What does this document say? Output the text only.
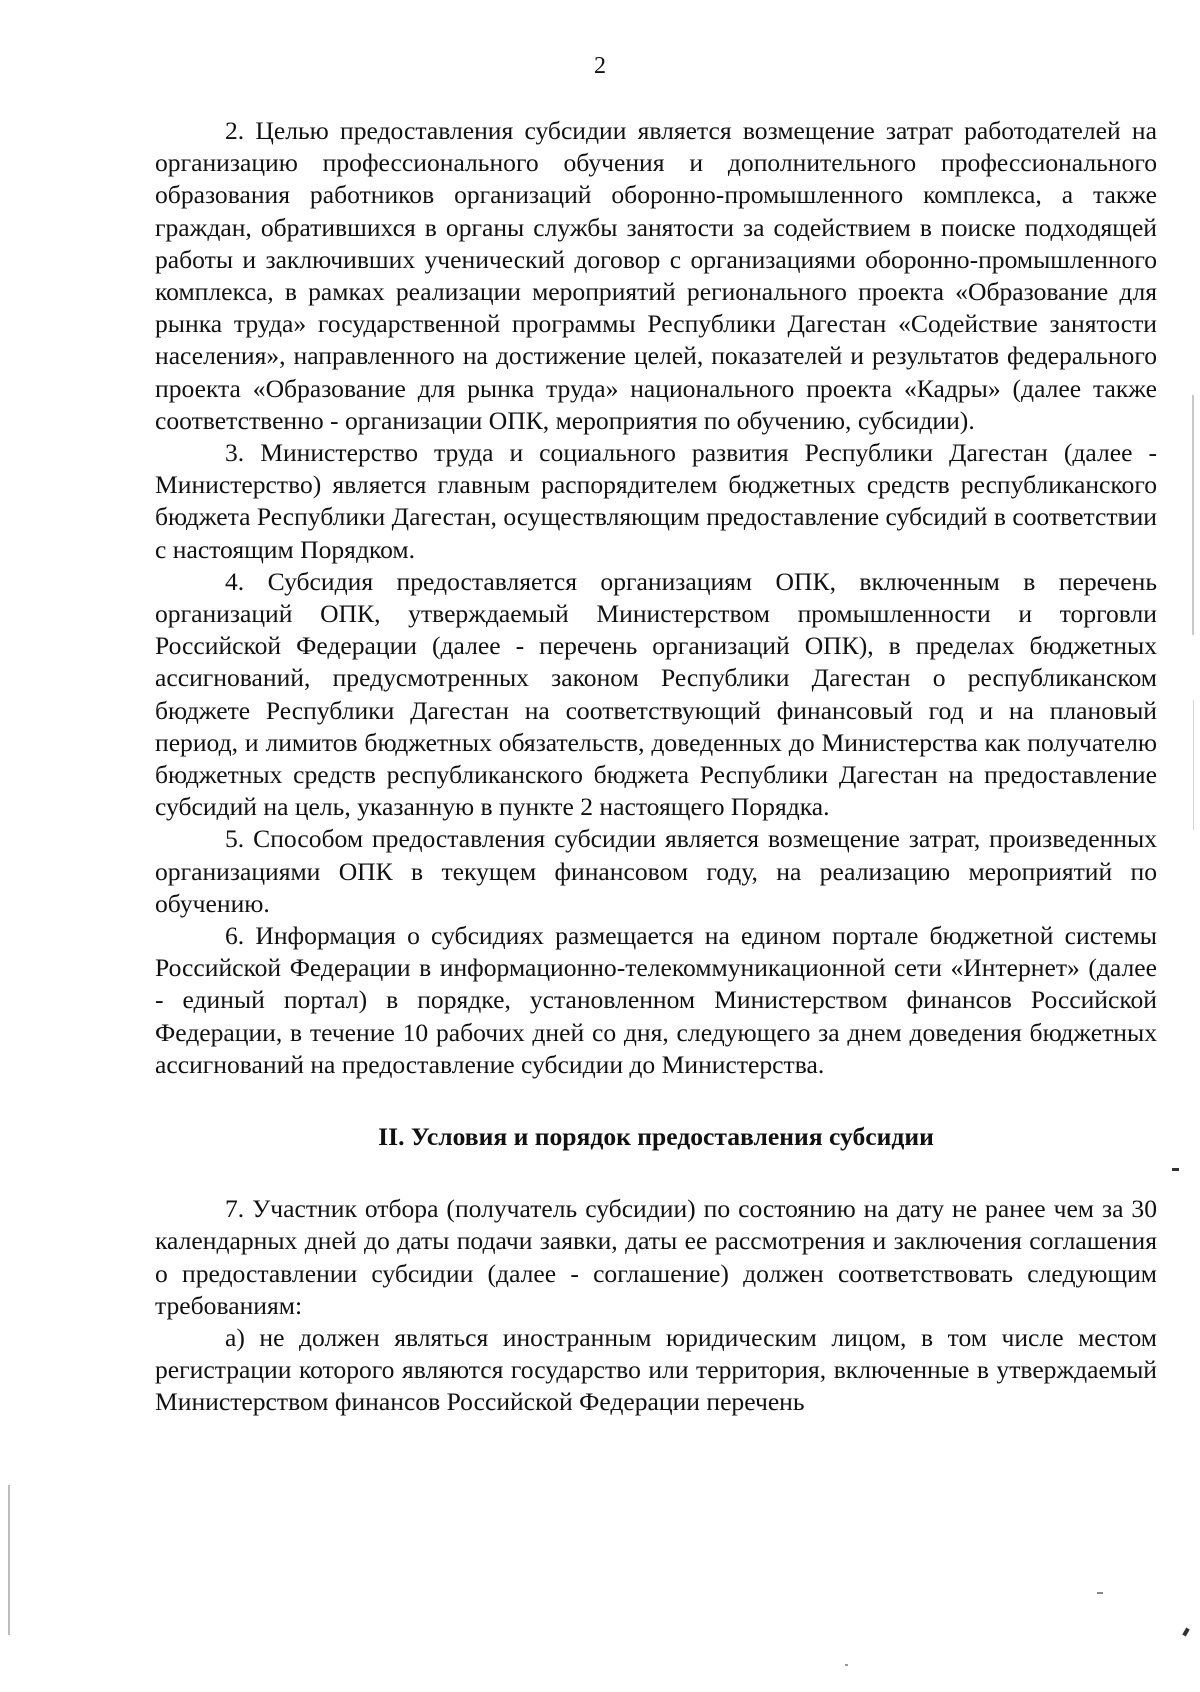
2

2. Целью предоставления субсидии является возмещение затрат работодателей на организацию профессионального обучения и дополнительного профессионального образования работников организаций оборонно-промышленного комплекса, а также граждан, обратившихся в органы службы занятости за содействием в поиске подходящей работы и заключивших ученический договор с организациями оборонно-промышленного комплекса, в рамках реализации мероприятий регионального проекта «Образование для рынка труда» государственной программы Республики Дагестан «Содействие занятости населения», направленного на достижение целей, показателей и результатов федерального проекта «Образование для рынка труда» национального проекта «Кадры» (далее также соответственно - организации ОПК, мероприятия по обучению, субсидии).

3. Министерство труда и социального развития Республики Дагестан (далее - Министерство) является главным распорядителем бюджетных средств республиканского бюджета Республики Дагестан, осуществляющим предоставление субсидий в соответствии с настоящим Порядком.

4. Субсидия предоставляется организациям ОПК, включенным в перечень организаций ОПК, утверждаемый Министерством промышленности и торговли Российской Федерации (далее - перечень организаций ОПК), в пределах бюджетных ассигнований, предусмотренных законом Республики Дагестан о республиканском бюджете Республики Дагестан на соответствующий финансовый год и на плановый период, и лимитов бюджетных обязательств, доведенных до Министерства как получателю бюджетных средств республиканского бюджета Республики Дагестан на предоставление субсидий на цель, указанную в пункте 2 настоящего Порядка.

5. Способом предоставления субсидии является возмещение затрат, произведенных организациями ОПК в текущем финансовом году, на реализацию мероприятий по обучению.

6. Информация о субсидиях размещается на едином портале бюджетной системы Российской Федерации в информационно-телекоммуникационной сети «Интернет» (далее - единый портал) в порядке, установленном Министерством финансов Российской Федерации, в течение 10 рабочих дней со дня, следующего за днем доведения бюджетных ассигнований на предоставление субсидии до Министерства.

II. Условия и порядок предоставления субсидии

7. Участник отбора (получатель субсидии) по состоянию на дату не ранее чем за 30 календарных дней до даты подачи заявки, даты ее рассмотрения и заключения соглашения о предоставлении субсидии (далее - соглашение) должен соответствовать следующим требованиям:

а) не должен являться иностранным юридическим лицом, в том числе местом регистрации которого являются государство или территория, включенные в утверждаемый Министерством финансов Российской Федерации перечень
